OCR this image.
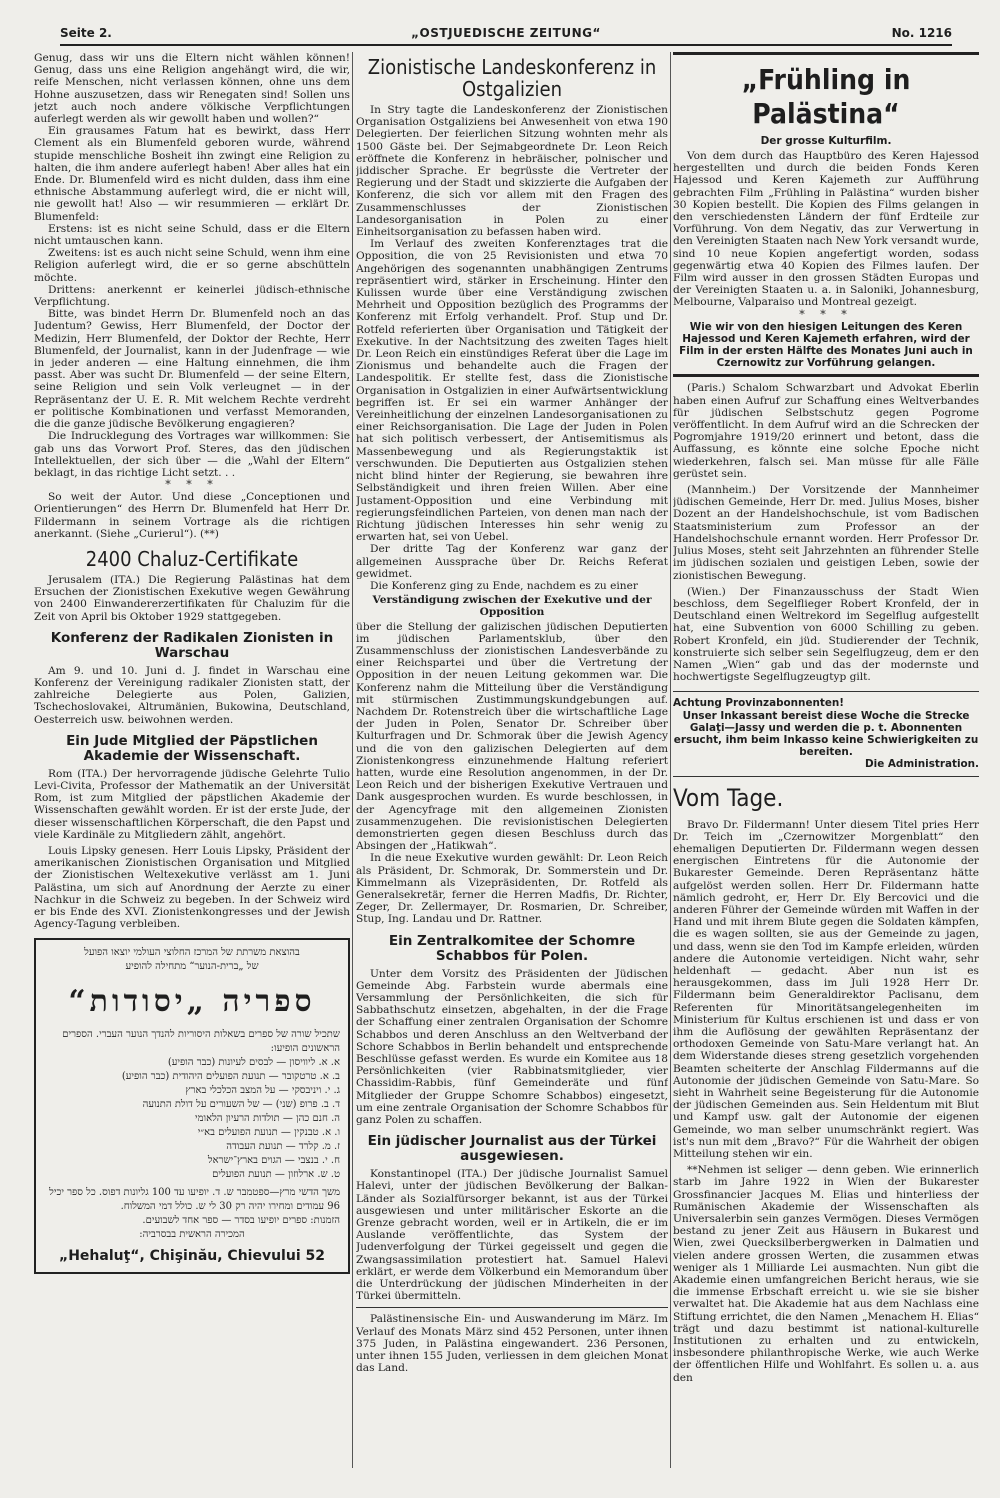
Seite 2.	„OSTJUEDISCHE ZEITUNG“	No. 1216

Genug, dass wir uns die Eltern nicht wählen können! Genug, dass uns eine Religion angehängt wird, die wir, reife Menschen, nicht verlassen können, ohne uns dem Hohne auszusetzen, dass wir Renegaten sind! Sollen uns jetzt auch noch andere völkische Verpflichtungen auferlegt werden als wir gewollt haben und wollen?“

Ein grausames Fatum hat es bewirkt, dass Herr Clement als ein Blumenfeld geboren wurde, während stupide menschliche Bosheit ihn zwingt eine Religion zu halten, die ihm andere auferlegt haben! Aber alles hat ein Ende. Dr. Blumenfeld wird es nicht dulden, dass ihm eine ethnische Abstammung auferlegt wird, die er nicht will, nie gewollt hat! Also — wir resummieren — erklärt Dr. Blumenfeld:

Erstens: ist es nicht seine Schuld, dass er die Eltern nicht umtauschen kann.

Zweitens: ist es auch nicht seine Schuld, wenn ihm eine Religion auferlegt wird, die er so gerne abschütteln möchte.

Drittens: anerkennt er keinerlei jüdisch-ethnische Verpflichtung.

Bitte, was bindet Herrn Dr. Blumenfeld noch an das Judentum? Gewiss, Herr Blumenfeld, der Doctor der Medizin, Herr Blumenfeld, der Doktor der Rechte, Herr Blumenfeld, der Journalist, kann in der Judenfrage — wie in jeder anderen — eine Haltung einnehmen, die ihm passt. Aber was sucht Dr. Blumenfeld — der seine Eltern, seine Religion und sein Volk verleugnet — in der Repräsentanz der U. E. R. Mit welchem Rechte verdreht er politische Kombinationen und verfasst Memoranden, die die ganze jüdische Bevölkerung engagieren?

Die Indrucklegung des Vortrages war willkommen: Sie gab uns das Vorwort Prof. Steres, das den jüdischen Intellektuellen, der sich über — die „Wahl der Eltern“ beklagt, in das richtige Licht setzt. . .

* * *

So weit der Autor. Und diese „Conceptionen und Orientierungen“ des Herrn Dr. Blumenfeld hat Herr Dr. Fildermann in seinem Vortrage als die richtigen anerkannt. (Siehe „Curierul“). (**)

2400 Chaluz-Certifikate

Jerusalem (ITA.) Die Regierung Palästinas hat dem Ersuchen der Zionistischen Exekutive wegen Gewährung von 2400 Einwandererzertifikaten für Chaluzim für die Zeit von April bis Oktober 1929 stattgegeben.

Konferenz der Radikalen Zionisten in Warschau

Am 9. und 10. Juni d. J. findet in Warschau eine Konferenz der Vereinigung radikaler Zionisten statt, der zahlreiche Delegierte aus Polen, Galizien, Tschechoslovakei, Altrumänien, Bukowina, Deutschland, Oesterreich usw. beiwohnen werden.

Ein Jude Mitglied der Päpstlichen Akademie der Wissenschaft.

Rom (ITA.) Der hervorragende jüdische Gelehrte Tulio Levi-Civita, Professor der Mathematik an der Universität Rom, ist zum Mitglied der päpstlichen Akademie der Wissenschaften gewählt worden. Er ist der erste Jude, der dieser wissenschaftlichen Körperschaft, die den Papst und viele Kardinäle zu Mitgliedern zählt, angehört.

Louis Lipsky genesen. Herr Louis Lipsky, Präsident der amerikanischen Zionistischen Organisation und Mitglied der Zionistischen Weltexekutive verlässt am 1. Juni Palästina, um sich auf Anordnung der Aerzte zu einer Nachkur in die Schweiz zu begeben. In der Schweiz wird er bis Ende des XVI. Zionistenkongresses und der Jewish Agency-Tagung verbleiben.

בהוצאת משרתת של המרכז החלוצי העולמי יוצאו הפועל
של „ברית-הנוער“ מתחילה להופיע
ספריה „יסודות“
שתכיל שורה של ספרים בשאלות היסוריות להנדך הנוער העברי. הספרים הראשונים הופיעו:
א. א. ליוויסון — לבסים לעיונות (כבר הופיע)
ב. א. טרטקובר — תנועת הפועלים היהודית (כבר הופיע)
ג. י. ויניבסקי — על המצב הכלכלי בארץ
ד. ב. פרופ (שני) — של השעורים על דולת התנועה
ה. חנם כהן — תולדות הרעיון הלאומי
ו. א. טבנקין — תנועת הפועלים בא״י
ז. מ. קלרד — תנועת העבודה
ח. י. בנצבי — הגוים בארץ־ישראל
ט. ש. ארלוזון — תנועת הפועלים
משך הדשי מרץ—ספטמבר ש. ד. יופיעו עד 100 גליונות דפוס. כל ספר יכיל 96 עמודים ומחירו יהיה רק 30 לי ש. כולל דמי המשלוח.
הזמנות: ספרים יופיעו בסדר — ספר אחד לשבועים.
המכירה הראשית בבסרביה:
„Hehaluţ“, Chişinău, Chievului 52
Zionistische Landeskonferenz in Ostgalizien

In Stry tagte die Landeskonferenz der Zionistischen Organisation Ostgaliziens bei Anwesenheit von etwa 190 Delegierten. Der feierlichen Sitzung wohnten mehr als 1500 Gäste bei. Der Sejmabgeordnete Dr. Leon Reich eröffnete die Konferenz in hebräischer, polnischer und jiddischer Sprache. Er begrüsste die Vertreter der Regierung und der Stadt und skizzierte die Aufgaben der Konferenz, die sich vor allem mit den Fragen des Zusammenschlusses der Zionistischen Landesorganisation in Polen zu einer Einheitsorganisation zu befassen haben wird.

Im Verlauf des zweiten Konferenztages trat die Opposition, die von 25 Revisionisten und etwa 70 Angehörigen des sogenannten unabhängigen Zentrums repräsentiert wird, stärker in Erscheinung. Hinter den Kulissen wurde über eine Verständigung zwischen Mehrheit und Opposition bezüglich des Programms der Konferenz mit Erfolg verhandelt. Prof. Stup und Dr. Rotfeld referierten über Organisation und Tätigkeit der Exekutive. In der Nachtsitzung des zweiten Tages hielt Dr. Leon Reich ein einstündiges Referat über die Lage im Zionismus und behandelte auch die Fragen der Landespolitik. Er stellte fest, dass die Zionistische Organisation in Ostgalizien in einer Aufwärtsentwicklung begriffen ist. Er sei ein warmer Anhänger der Vereinheitlichung der einzelnen Landesorganisationen zu einer Reichsorganisation. Die Lage der Juden in Polen hat sich politisch verbessert, der Antisemitismus als Massenbewegung und als Regierungstaktik ist verschwunden. Die Deputierten aus Ostgalizien stehen nicht blind hinter der Regierung, sie bewahren ihre Selbständigkeit und ihren freien Willen. Aber eine Justament-Opposition und eine Verbindung mit regierungsfeindlichen Parteien, von denen man nach der Richtung jüdischen Interesses hin sehr wenig zu erwarten hat, sei von Uebel.

Der dritte Tag der Konferenz war ganz der allgemeinen Aussprache über Dr. Reichs Referat gewidmet.

Die Konferenz ging zu Ende, nachdem es zu einer

Verständigung zwischen der Exekutive und der Opposition

über die Stellung der galizischen jüdischen Deputierten im jüdischen Parlamentsklub, über den Zusammenschluss der zionistischen Landesverbände zu einer Reichspartei und über die Vertretung der Opposition in der neuen Leitung gekommen war. Die Konferenz nahm die Mitteilung über die Verständigung mit stürmischen Zustimmungskundgebungen auf. Nachdem Dr. Rotenstreich über die wirtschaftliche Lage der Juden in Polen, Senator Dr. Schreiber über Kulturfragen und Dr. Schmorak über die Jewish Agency und die von den galizischen Delegierten auf dem Zionistenkongress einzunehmende Haltung referiert hatten, wurde eine Resolution angenommen, in der Dr. Leon Reich und der bisherigen Exekutive Vertrauen und Dank ausgesprochen wurden. Es wurde beschlossen, in der Agencyfrage mit den allgemeinen Zionisten zusammenzugehen. Die revisionistischen Delegierten demonstrierten gegen diesen Beschluss durch das Absingen der „Hatikwah“.

In die neue Exekutive wurden gewählt: Dr. Leon Reich als Präsident, Dr. Schmorak, Dr. Sommerstein und Dr. Kimmelmann als Vizepräsidenten, Dr. Rotfeld als Generalsekretär, ferner die Herren Madfis, Dr. Richter, Zeger, Dr. Zellermayer, Dr. Rosmarien, Dr. Schreiber, Stup, Ing. Landau und Dr. Rattner.

Ein Zentralkomitee der Schomre Schabbos für Polen.

Unter dem Vorsitz des Präsidenten der Jüdischen Gemeinde Abg. Farbstein wurde abermals eine Versammlung der Persönlichkeiten, die sich für Sabbathschutz einsetzen, abgehalten, in der die Frage der Schaffung einer zentralen Organisation der Schomre Schabbos und deren Anschluss an den Weltverband der Schore Schabbos in Berlin behandelt und entsprechende Beschlüsse gefasst werden. Es wurde ein Komitee aus 18 Persönlichkeiten (vier Rabbinatsmitglieder, vier Chassidim-Rabbis, fünf Gemeinderäte und fünf Mitglieder der Gruppe Schomre Schabbos) eingesetzt, um eine zentrale Organisation der Schomre Schabbos für ganz Polen zu schaffen.

Ein jüdischer Journalist aus der Türkei ausgewiesen.

Konstantinopel (ITA.) Der jüdische Journalist Samuel Halevi, unter der jüdischen Bevölkerung der Balkan-Länder als Sozialfürsorger bekannt, ist aus der Türkei ausgewiesen und unter militärischer Eskorte an die Grenze gebracht worden, weil er in Artikeln, die er im Auslande veröffentlichte, das System der Judenverfolgung der Türkei gegeisselt und gegen die Zwangsassimilation protestiert hat. Samuel Halevi erklärt, er werde dem Völkerbund ein Memorandum über die Unterdrückung der jüdischen Minderheiten in der Türkei übermitteln.

Palästinensische Ein- und Auswanderung im März. Im Verlauf des Monats März sind 452 Personen, unter ihnen 375 Juden, in Palästina eingewandert. 236 Personen, unter ihnen 155 Juden, verliessen in dem gleichen Monat das Land.

„Frühling in Palästina“
Der grosse Kulturfilm.

Von dem durch das Hauptbüro des Keren Hajessod hergestellten und durch die beiden Fonds Keren Hajessod und Keren Kajemeth zur Aufführung gebrachten Film „Frühling in Palästina“ wurden bisher 30 Kopien bestellt. Die Kopien des Films gelangen in den verschiedensten Ländern der fünf Erdteile zur Vorführung. Von dem Negativ, das zur Verwertung in den Vereinigten Staaten nach New York versandt wurde, sind 10 neue Kopien angefertigt worden, sodass gegenwärtig etwa 40 Kopien des Filmes laufen. Der Film wird ausser in den grossen Städten Europas und der Vereinigten Staaten u. a. in Saloniki, Johannesburg, Melbourne, Valparaiso und Montreal gezeigt.

* * *

Wie wir von den hiesigen Leitungen des Keren Hajessod und Keren Kajemeth erfahren, wird der Film in der ersten Hälfte des Monates Juni auch in Czernowitz zur Vorführung gelangen.

(Paris.) Schalom Schwarzbart und Advokat Eberlin haben einen Aufruf zur Schaffung eines Weltverbandes für jüdischen Selbstschutz gegen Pogrome veröffentlicht. In dem Aufruf wird an die Schrecken der Pogromjahre 1919/20 erinnert und betont, dass die Auffassung, es könnte eine solche Epoche nicht wiederkehren, falsch sei. Man müsse für alle Fälle gerüstet sein.

(Mannheim.) Der Vorsitzende der Mannheimer jüdischen Gemeinde, Herr Dr. med. Julius Moses, bisher Dozent an der Handelshochschule, ist vom Badischen Staatsministerium zum Professor an der Handelshochschule ernannt worden. Herr Professor Dr. Julius Moses, steht seit Jahrzehnten an führender Stelle im jüdischen sozialen und geistigen Leben, sowie der zionistischen Bewegung.

(Wien.) Der Finanzausschuss der Stadt Wien beschloss, dem Segelflieger Robert Kronfeld, der in Deutschland einen Weltrekord im Segelflug aufgestellt hat, eine Subvention von 6000 Schilling zu geben. Robert Kronfeld, ein jüd. Studierender der Technik, konstruierte sich selber sein Segelflugzeug, dem er den Namen „Wien“ gab und das der modernste und hochwertigste Segelflugzeugtyp gilt.

Achtung Provinzabonnenten!

Unser Inkassant bereist diese Woche die Strecke Galaţi—Jassy und werden die p. t. Abonnenten ersucht, ihm beim Inkasso keine Schwierigkeiten zu bereiten.

Die Administration.

Vom Tage.

Bravo Dr. Fildermann! Unter diesem Titel pries Herr Dr. Teich im „Czernowitzer Morgenblatt“ den ehemaligen Deputierten Dr. Fildermann wegen dessen energischen Eintretens für die Autonomie der Bukarester Gemeinde. Deren Repräsentanz hätte aufgelöst werden sollen. Herr Dr. Fildermann hatte nämlich gedroht, er, Herr Dr. Ely Bercovici und die anderen Führer der Gemeinde würden mit Waffen in der Hand und mit ihrem Blute gegen die Soldaten kämpfen, die es wagen sollten, sie aus der Gemeinde zu jagen, und dass, wenn sie den Tod im Kampfe erleiden, würden andere die Autonomie verteidigen. Nicht wahr, sehr heldenhaft — gedacht. Aber nun ist es herausgekommen, dass im Juli 1928 Herr Dr. Fildermann beim Generaldirektor Paclisanu, dem Referenten für Minoritätsangelegenheiten im Ministerium für Kultus erschienen ist und dass er von ihm die Auflösung der gewählten Repräsentanz der orthodoxen Gemeinde von Satu-Mare verlangt hat. An dem Widerstande dieses streng gesetzlich vorgehenden Beamten scheiterte der Anschlag Fildermanns auf die Autonomie der jüdischen Gemeinde von Satu-Mare. So sieht in Wahrheit seine Begeisterung für die Autonomie der jüdischen Gemeinden aus. Sein Heldentum mit Blut und Kampf usw. galt der Autonomie der eigenen Gemeinde, wo man selber unumschränkt regiert. Was ist's nun mit dem „Bravo?“ Für die Wahrheit der obigen Mitteilung stehen wir ein.

**Nehmen ist seliger — denn geben. Wie erinnerlich starb im Jahre 1922 in Wien der Bukarester Grossfinancier Jacques M. Elias und hinterliess der Rumänischen Akademie der Wissenschaften als Universalerbin sein ganzes Vermögen. Dieses Vermögen bestand zu jener Zeit aus Häusern in Bukarest und Wien, zwei Quecksilberbergwerken in Dalmatien und vielen andere grossen Werten, die zusammen etwas weniger als 1 Milliarde Lei ausmachten. Nun gibt die Akademie einen umfangreichen Bericht heraus, wie sie die immense Erbschaft erreicht u. wie sie sie bisher verwaltet hat. Die Akademie hat aus dem Nachlass eine Stiftung errichtet, die den Namen „Menachem H. Elias“ trägt und dazu bestimmt ist national-kulturelle Institutionen zu erhalten und zu entwickeln, insbesondere philanthropische Werke, wie auch Werke der öffentlichen Hilfe und Wohlfahrt. Es sollen u. a. aus den
